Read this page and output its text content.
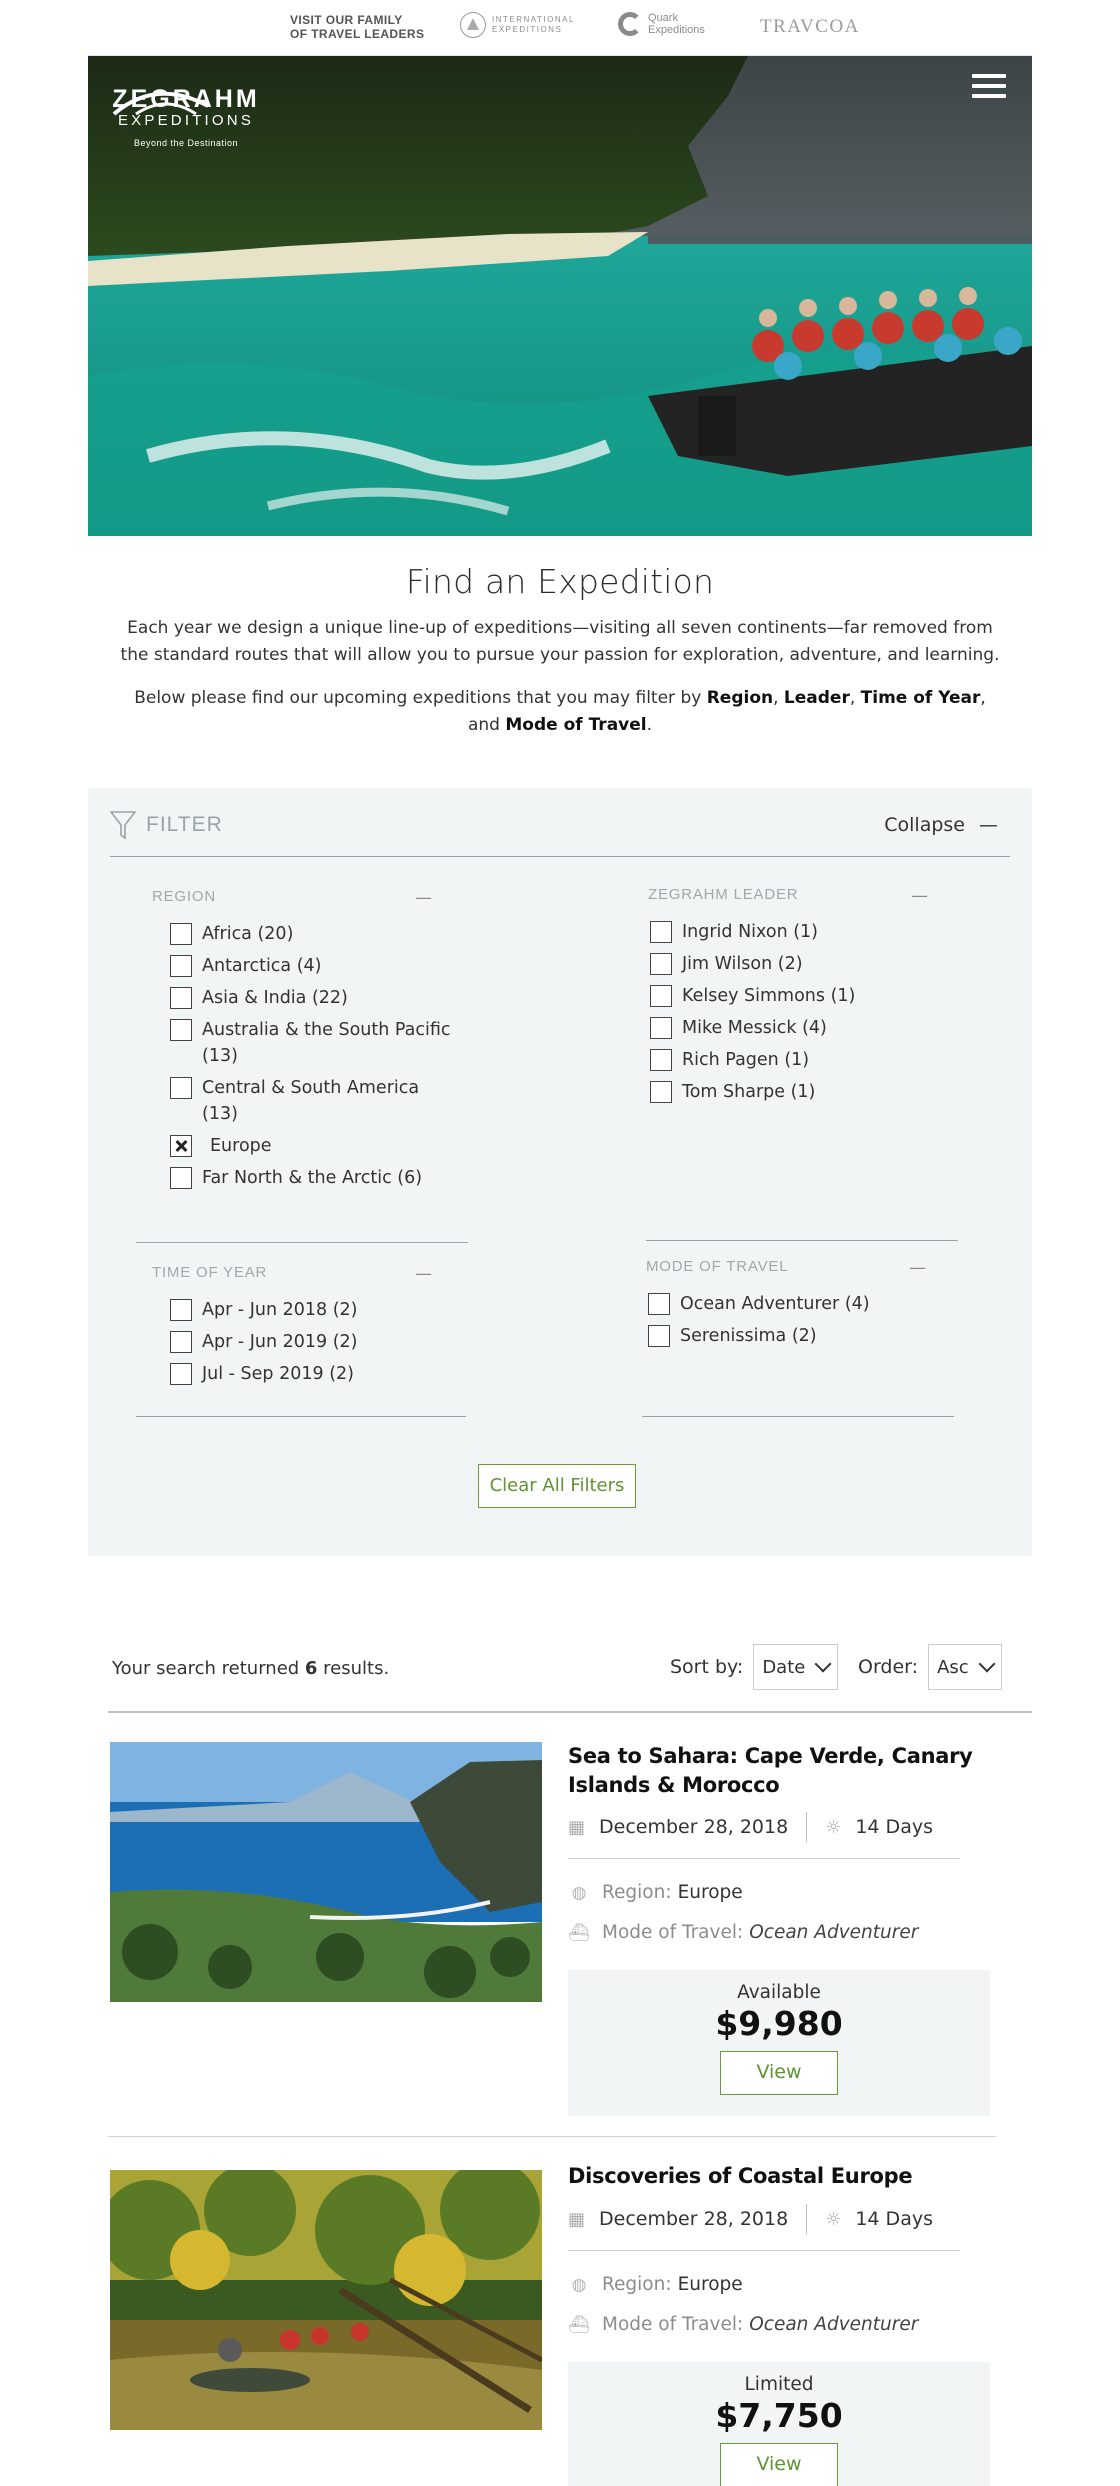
VISIT OUR FAMILY
OF TRAVEL LEADERS
INTERNATIONAL
EXPEDITIONS
Quark
Expeditions	TRAVCOA
ZEGRAHM
EXPEDITIONS
Beyond the Destination
Find an Expedition

Each year we design a unique line-up of expeditions—visiting all seven continents—far removed from the standard routes that will allow you to pursue your passion for exploration, adventure, and learning.

Below please find our upcoming expeditions that you may filter by Region, Leader, Time of Year, and Mode of Travel.

FILTER	Collapse —
REGION	—
Africa (20)
Antarctica (4)
Asia & India (22)
Australia & the South Pacific (13)
Central & South America (13)
Europe
Far North & the Arctic (6)
ZEGRAHM LEADER	—
Ingrid Nixon (1)
Jim Wilson (2)
Kelsey Simmons (1)
Mike Messick (4)
Rich Pagen (1)
Tom Sharpe (1)
TIME OF YEAR	—
Apr - Jun 2018 (2)
Apr - Jun 2019 (2)
Jul - Sep 2019 (2)
MODE OF TRAVEL	—
Ocean Adventurer (4)
Serenissima (2)
Clear All Filters
Your search returned 6 results.	Sort by: Date	Order: Asc
Sea to Sahara: Cape Verde, Canary Islands & Morocco
▦ December 28, 2018 ☼ 14 Days
◍ Region: Europe
⛴ Mode of Travel: Ocean Adventurer
Available
$9,980
View
Discoveries of Coastal Europe
▦ December 28, 2018 ☼ 14 Days
◍ Region: Europe
⛴ Mode of Travel: Ocean Adventurer
Limited
$7,750
View
